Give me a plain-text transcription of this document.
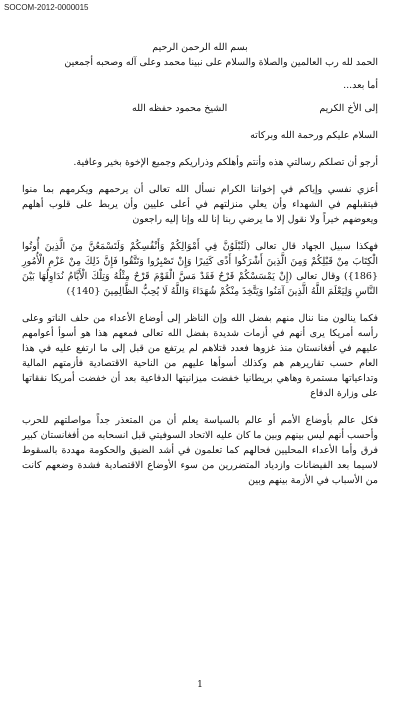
SOCOM-2012-0000015

بسم الله الرحمن الرحيم

الحمد لله رب العالمين والصلاة والسلام على نبينا محمد وعلى آله وصحبه أجمعين

أما بعد...

إلى الأخ الكريم
الشيخ محمود حفظه الله

السلام عليكم ورحمة الله وبركاته

أرجو أن تصلكم رسالتي هذه وأنتم وأهلكم وذراريكم وجميع الإخوة بخير وعافية.

أعزي نفسي وإياكم في إخواننا الكرام نسأل الله تعالى أن يرحمهم ويكرمهم بما منوا فيتقبلهم في الشهداء وأن يعلي منزلتهم في أعلى عليين وأن يربط على قلوب أهلهم ويعوضهم خيراً ولا نقول إلا ما يرضي ربنا إنا لله وإنا إليه راجعون

فهكذا سبيل الجهاد قال تعالى (لَتُبْلَوُنَّ فِي أَمْوَالِكُمْ وَأَنْفُسِكُمْ وَلَتَسْمَعُنَّ مِنَ الَّذِينَ أُوتُوا الْكِتَابَ مِنْ قَبْلِكُمْ وَمِنَ الَّذِينَ أَشْرَكُوا أَذًى كَثِيرًا وَإِنْ تَصْبِرُوا وَتَتَّقُوا فَإِنَّ ذَلِكَ مِنْ عَزْمِ الْأُمُورِ {186}) وقال تعالى (إِنْ يَمْسَسْكُمْ قَرْحٌ فَقَدْ مَسَّ الْقَوْمَ قَرْحٌ مِثْلُهُ وَتِلْكَ الْأَيَّامُ نُدَاوِلُهَا بَيْنَ النَّاسِ وَلِيَعْلَمَ اللَّهُ الَّذِينَ آمَنُوا وَيَتَّخِذَ مِنْكُمْ شُهَدَاءَ وَاللَّهُ لَا يُحِبُّ الظَّالِمِينَ {140})

فكما ينالون منا ننال منهم بفضل الله وإن الناظر إلى أوضاع الأعداء من حلف الناتو وعلى رأسه أمريكا يرى أنهم في أزمات شديدة بفضل الله تعالى فمعهم هذا هو أسوأ أعوامهم عليهم في أفغانستان منذ غزوها فعدد قتلاهم لم يرتفع من قبل إلى ما ارتفع عليه في هذا العام حسب تقاريرهم هم وكذلك أسوأها عليهم من الناحية الاقتصادية فأزمتهم المالية وتداعياتها مستمرة وهاهي بريطانيا خفضت ميزانيتها الدفاعية بعد أن خفضت أمريكا نفقاتها على وزارة الدفاع

فكل عالم بأوضاع الأمم أو عالم بالسياسة يعلم أن من المتعذر جداً مواصلتهم للحرب وأحسب أنهم ليس بينهم وبين ما كان عليه الاتحاد السوفيتي قبل انسحابه من أفغانستان كبير فرق وأما الأعداء المحليين فحالهم كما تعلمون في أشد الضيق والحكومة مهددة بالسقوط لاسيما بعد الفيضانات وازدياد المتضررين من سوء الأوضاع الاقتصادية فشدة وضعهم كانت من الأسباب في الأزمة بينهم وبين

1
